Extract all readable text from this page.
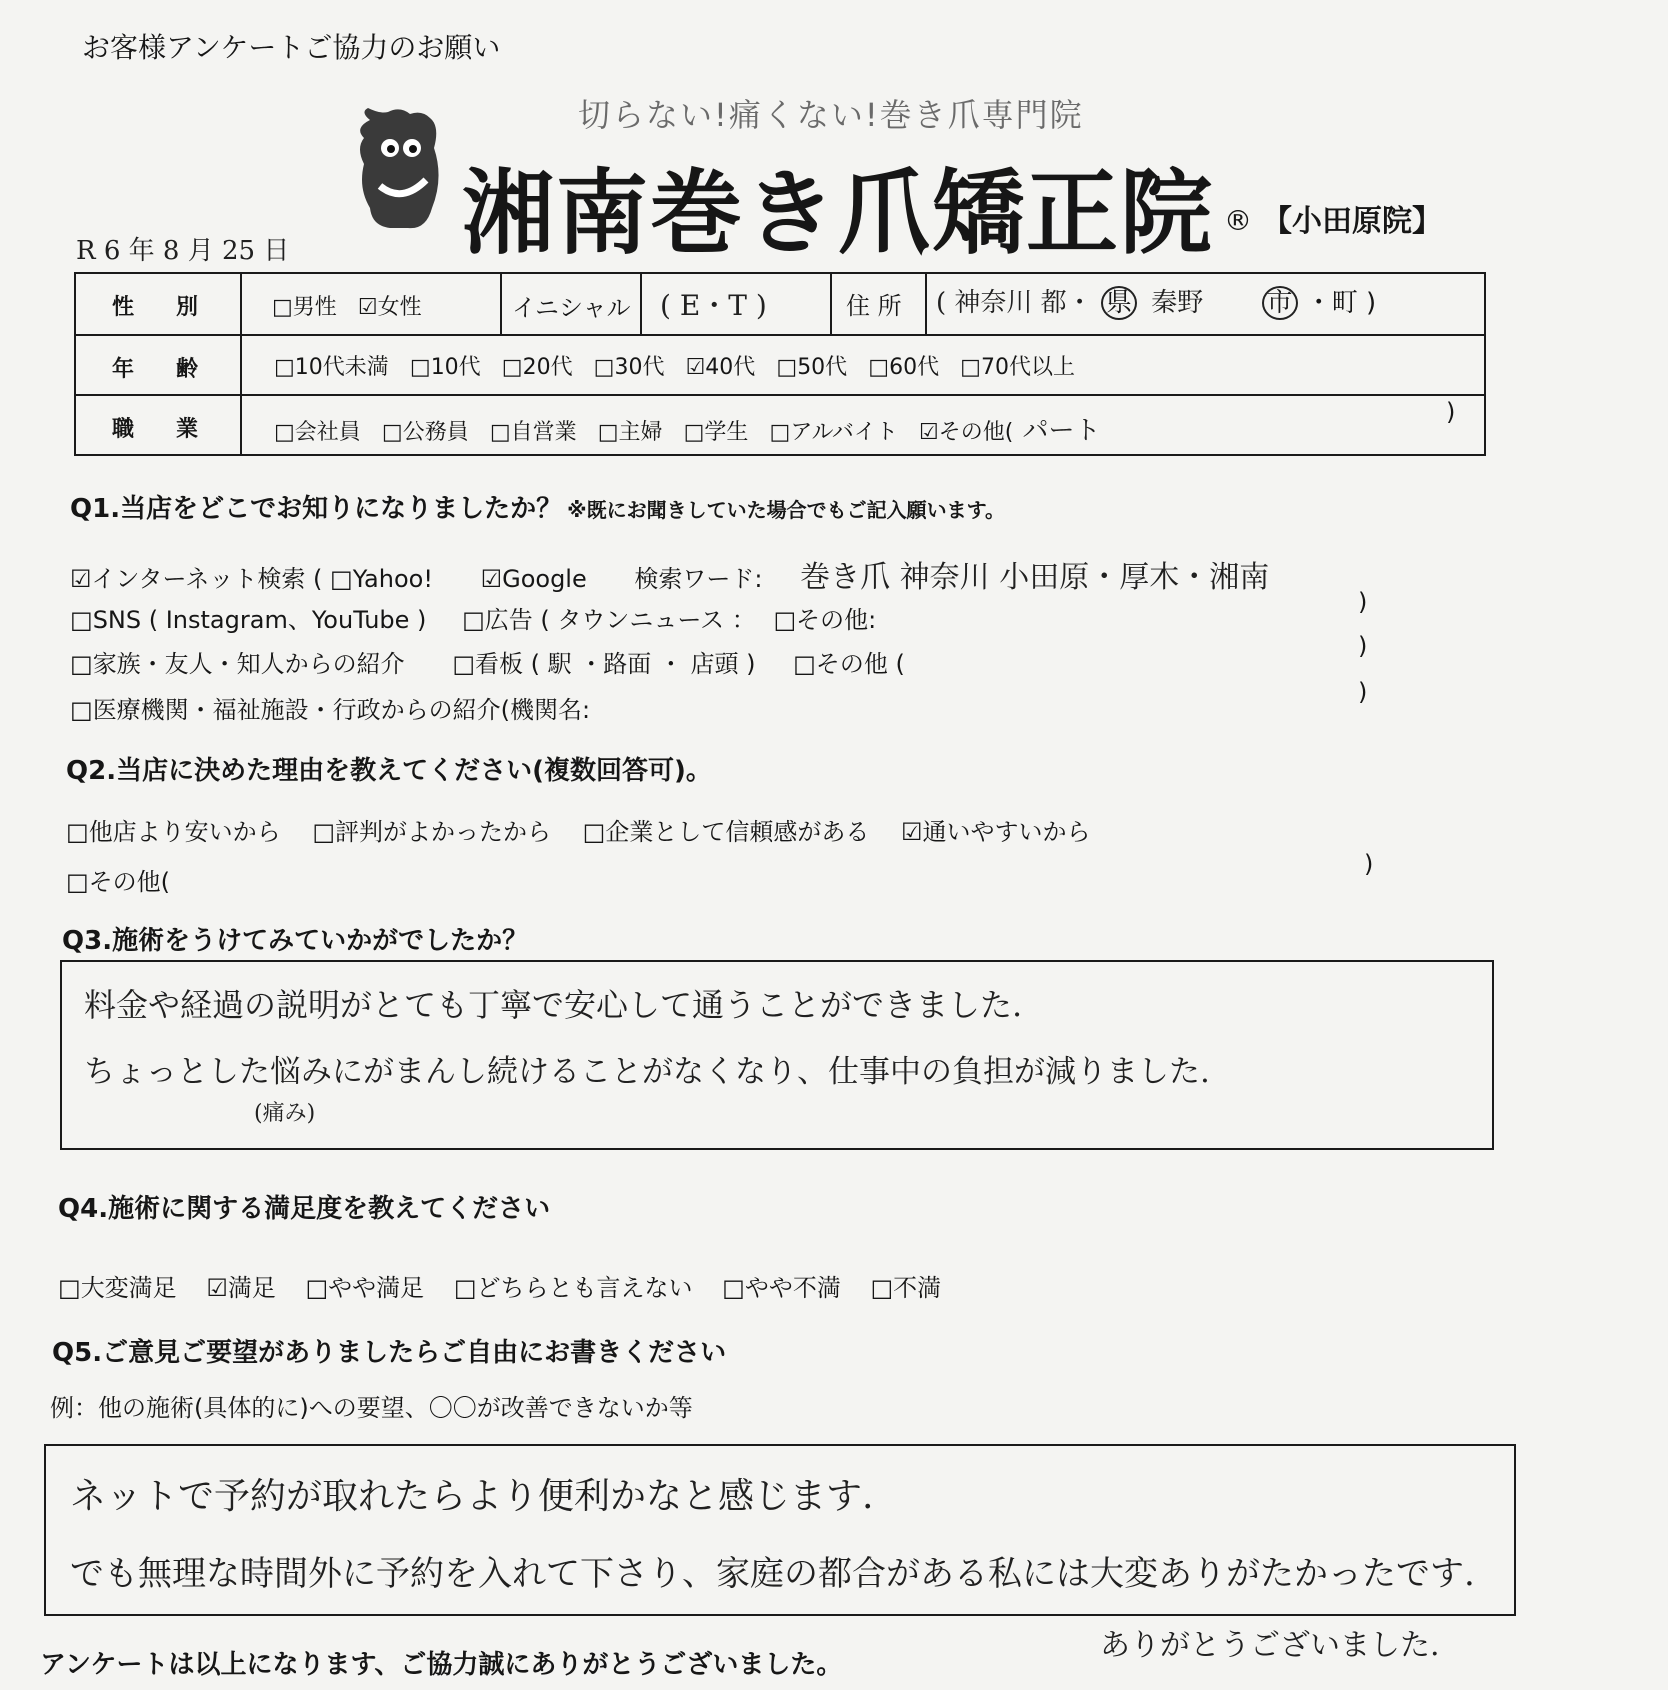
お客様アンケートご協力のお願い
切らない!痛くない!巻き爪専門院
湘南巻き爪矯正院 ® 【小田原院】
R 6 年 8 月 25 日
性　別	□ 男性 ☑ 女性	イニシャル ( E・T )	住 所 ( 神奈川 都・ 県 秦野 市 ・町 )
年　齢	□ 10代未満 □ 10代 □ 20代 □ 30代 ☑ 40代 □ 50代 □ 60代 □ 70代以上
職　業	□ 会社員 □ 公務員 □ 自営業 □ 主婦 □ 学生 □ アルバイト ☑ その他( パート
)
Q1.当店をどこでお知りになりましたか？ ※既にお聞きしていた場合でもご記入願います。
☑ インターネット検索 ( □ Yahoo!	☑ Google 検索ワード: 巻き爪 神奈川 小田原・厚木・湘南
□ SNS ( Instagram、YouTube ) □ 広告 ( タウンニュース ： □ その他:
)
□ 家族・友人・知人からの紹介	□ 看板 ( 駅 ・路面 ・ 店頭 )	□ その他 (
)
□ 医療機関・福祉施設・行政からの紹介(機関名:
)
Q2.当店に決めた理由を教えてください(複数回答可)。
□ 他店より安いから □ 評判がよかったから □ 企業として信頼感がある ☑ 通いやすいから
□ その他(
)
Q3.施術をうけてみていかがでしたか？
料金や経過の説明がとても丁寧で安心して通うことができました.
ちょっとした悩みにがまんし続けることがなくなり、仕事中の負担が減りました.
(痛み)
Q4.施術に関する満足度を教えてください
□ 大変満足 ☑ 満足 □ やや満足 □ どちらとも言えない □ やや不満 □ 不満
Q5.ご意見ご要望がありましたらご自由にお書きください
例：他の施術(具体的に)への要望、〇〇が改善できないか等
ネットで予約が取れたらより便利かなと感じます.
でも無理な時間外に予約を入れて下さり、家庭の都合がある私には大変ありがたかったです.
ありがとうございました.
アンケートは以上になります、ご協力誠にありがとうございました。
